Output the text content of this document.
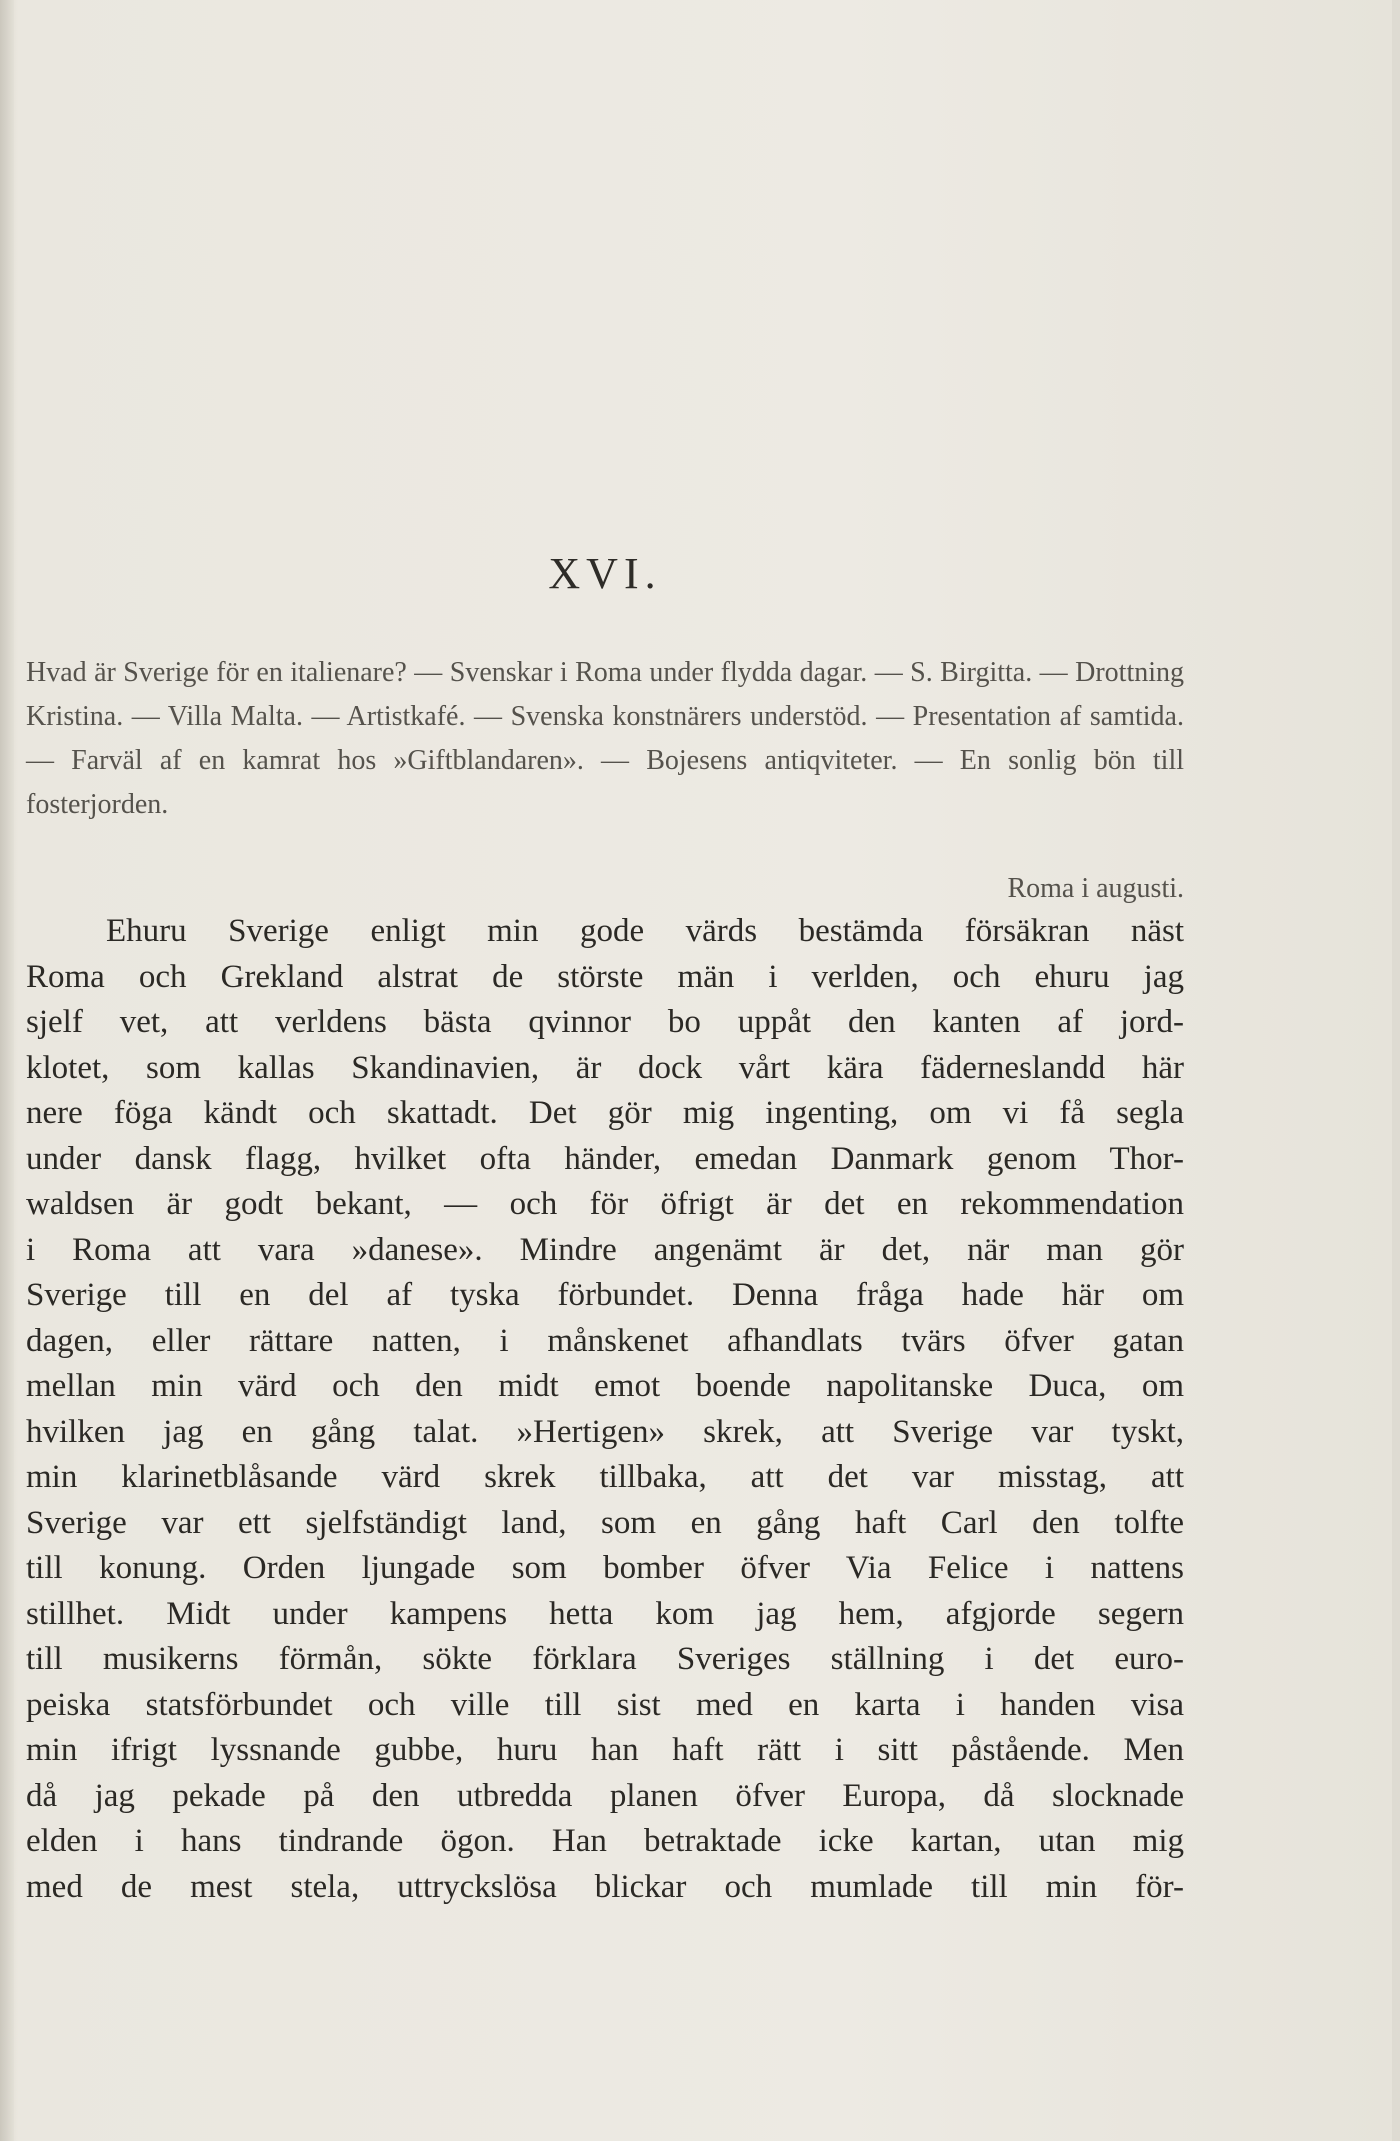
XVI.

Hvad är Sverige för en italienare? — Svenskar i Roma under flydda dagar. — S. Birgitta. — Drottning Kristina. — Villa Malta. — Artistkafé. — Svenska konstnärers understöd. — Presentation af samtida. — Farväl af en kamrat hos »Giftblandaren». — Bojesens antiqviteter. — En sonlig bön till fosterjorden.

Roma i augusti.
Ehuru Sverige enligt min gode värds bestämda försäkran näst
Roma och Grekland alstrat de störste män i verlden, och ehuru jag
sjelf vet, att verldens bästa qvinnor bo uppåt den kanten af jord-
klotet, som kallas Skandinavien, är dock vårt kära fäderneslandd här
nere föga kändt och skattadt. Det gör mig ingenting, om vi få segla
under dansk flagg, hvilket ofta händer, emedan Danmark genom Thor-
waldsen är godt bekant, — och för öfrigt är det en rekommendation
i Roma att vara »danese». Mindre angenämt är det, när man gör
Sverige till en del af tyska förbundet. Denna fråga hade här om
dagen, eller rättare natten, i månskenet afhandlats tvärs öfver gatan
mellan min värd och den midt emot boende napolitanske Duca, om
hvilken jag en gång talat. »Hertigen» skrek, att Sverige var tyskt,
min klarinetblåsande värd skrek tillbaka, att det var misstag, att
Sverige var ett sjelfständigt land, som en gång haft Carl den tolfte
till konung. Orden ljungade som bomber öfver Via Felice i nattens
stillhet. Midt under kampens hetta kom jag hem, afgjorde segern
till musikerns förmån, sökte förklara Sveriges ställning i det euro-
peiska statsförbundet och ville till sist med en karta i handen visa
min ifrigt lyssnande gubbe, huru han haft rätt i sitt påstående. Men
då jag pekade på den utbredda planen öfver Europa, då slocknade
elden i hans tindrande ögon. Han betraktade icke kartan, utan mig
med de mest stela, uttryckslösa blickar och mumlade till min för-
